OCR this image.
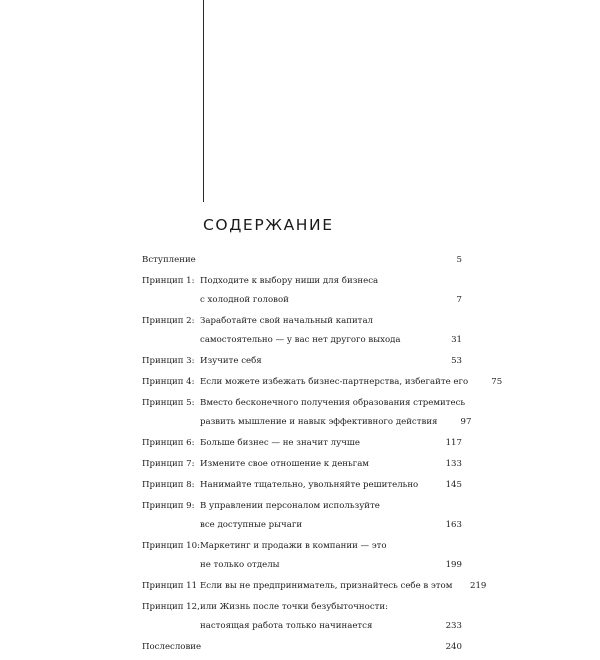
СОДЕРЖАНИЕ
Вступление	5
Принцип 1: Подходите к выбору ниши для бизнеса
с холодной головой	7
Принцип 2: Заработайте свой начальный капитал
самостоятельно — у вас нет другого выхода	31
Принцип 3: Изучите себя	53
Принцип 4: Если можете избежать бизнес-партнерства, избегайте его	75
Принцип 5: Вместо бесконечного получения образования стремитесь
развить мышление и навык эффективного действия	97
Принцип 6: Больше бизнес — не значит лучше	117
Принцип 7: Измените свое отношение к деньгам	133
Принцип 8: Нанимайте тщательно, увольняйте решительно	145
Принцип 9: В управлении персоналом используйте
все доступные рычаги	163
Принцип 10: Маркетинг и продажи в компании — это
не только отделы	199
Принцип 11 Если вы не предприниматель, признайтесь себе в этом	219
Принцип 12, или Жизнь после точки безубыточности:
настоящая работа только начинается	233
Послесловие	240
